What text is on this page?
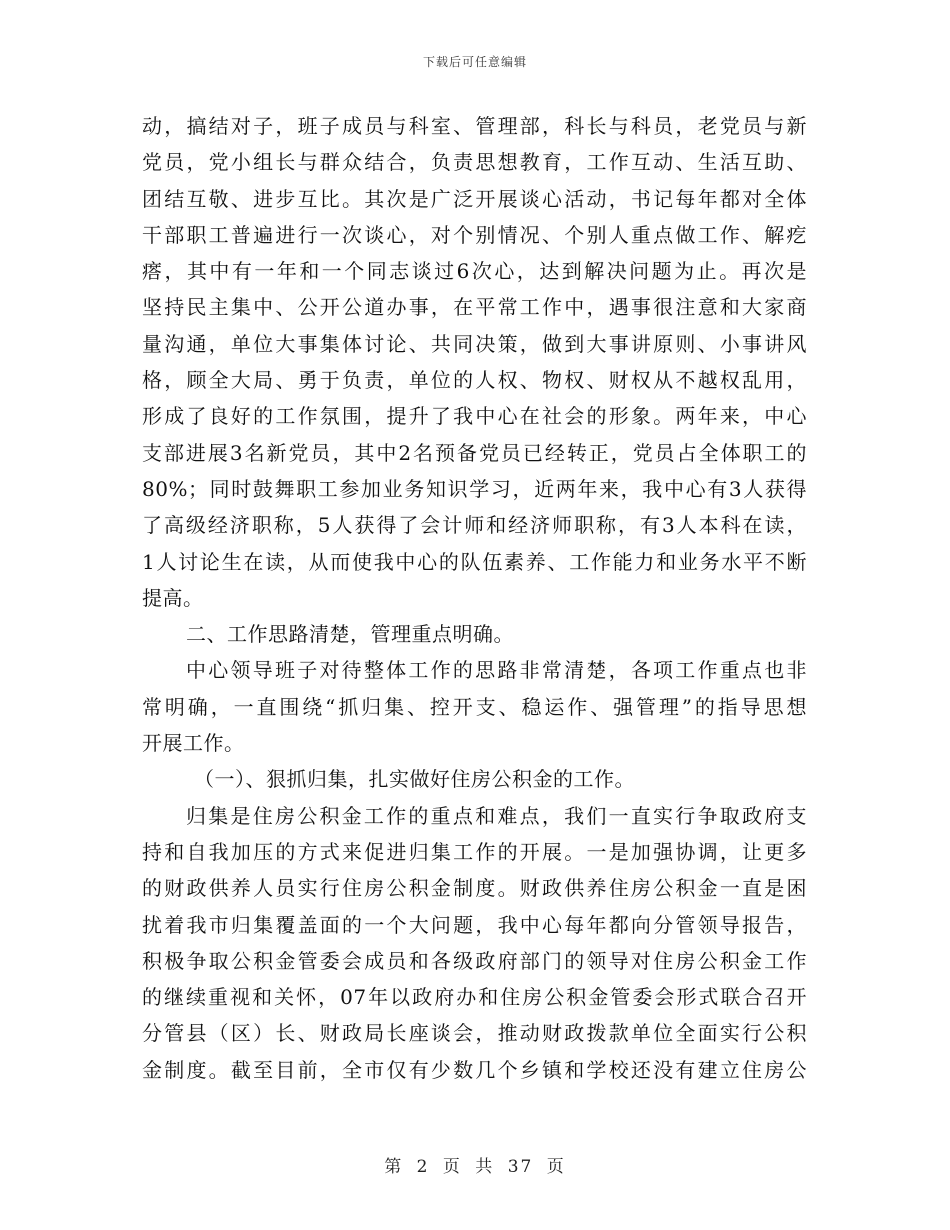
下载后可任意编辑
动，搞结对子，班子成员与科室、管理部，科长与科员，老党员与新
党员，党小组长与群众结合，负责思想教育，工作互动、生活互助、
团结互敬、进步互比。其次是广泛开展谈心活动，书记每年都对全体
干部职工普遍进行一次谈心，对个别情况、个别人重点做工作、解疙
瘩，其中有一年和一个同志谈过6次心，达到解决问题为止。再次是
坚持民主集中、公开公道办事，在平常工作中，遇事很注意和大家商
量沟通，单位大事集体讨论、共同决策，做到大事讲原则、小事讲风
格，顾全大局、勇于负责，单位的人权、物权、财权从不越权乱用，
形成了良好的工作氛围，提升了我中心在社会的形象。两年来，中心
支部进展3名新党员，其中2名预备党员已经转正，党员占全体职工的
80%；同时鼓舞职工参加业务知识学习，近两年来，我中心有3人获得
了高级经济职称，5人获得了会计师和经济师职称，有3人本科在读，
1人讨论生在读，从而使我中心的队伍素养、工作能力和业务水平不断
提高。
二、工作思路清楚，管理重点明确。
中心领导班子对待整体工作的思路非常清楚，各项工作重点也非
常明确，一直围绕“抓归集、控开支、稳运作、强管理”的指导思想
开展工作。
（一）、狠抓归集，扎实做好住房公积金的工作。
归集是住房公积金工作的重点和难点，我们一直实行争取政府支
持和自我加压的方式来促进归集工作的开展。一是加强协调，让更多
的财政供养人员实行住房公积金制度。财政供养住房公积金一直是困
扰着我市归集覆盖面的一个大问题，我中心每年都向分管领导报告，
积极争取公积金管委会成员和各级政府部门的领导对住房公积金工作
的继续重视和关怀，07年以政府办和住房公积金管委会形式联合召开
分管县（区）长、财政局长座谈会，推动财政拨款单位全面实行公积
金制度。截至目前，全市仅有少数几个乡镇和学校还没有建立住房公
第 2 页 共 37 页
